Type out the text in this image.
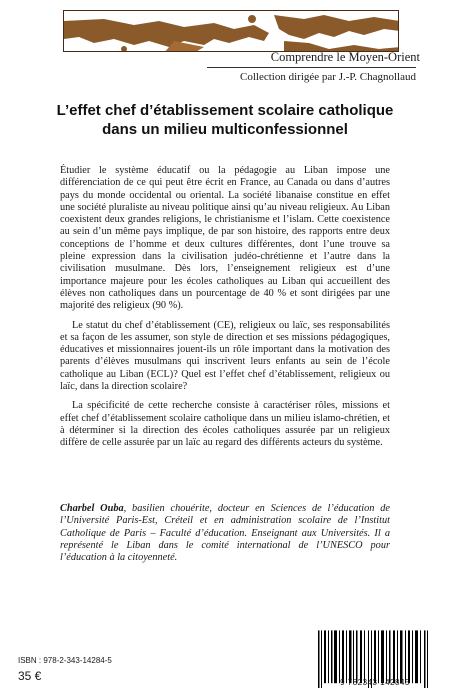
Comprendre le Moyen-Orient
Collection dirigée par J.-P. Chagnollaud
L’effet chef d’établissement scolaire catholique
dans un milieu multiconfessionnel

Étudier le système éducatif ou la pédagogie au Liban impose une différenciation de ce qui peut être écrit en France, au Canada ou dans d’autres pays du monde occidental ou oriental. La société libanaise constitue en effet une société pluraliste au niveau politique ainsi qu’au niveau religieux. Au Liban coexistent deux grandes religions, le christianisme et l’islam. Cette coexistence au sein d’un même pays implique, de par son histoire, des rapports entre deux conceptions de l’homme et deux cultures différentes, dont l’une trouve sa pleine expression dans la civilisation judéo-chrétienne et l’autre dans la civilisation musulmane. Dès lors, l’enseignement religieux est d’une importance majeure pour les écoles catholiques au Liban qui accueillent des élèves non catholiques dans un pourcentage de 40 % et sont dirigées par une majorité des religieux (90 %).

Le statut du chef d’établissement (CE), religieux ou laïc, ses responsabilités et sa façon de les assumer, son style de direction et ses missions pédagogiques, éducatives et missionnaires jouent-ils un rôle important dans la motivation des parents d’élèves musulmans qui inscrivent leurs enfants au sein de l’école catholique au Liban (ECL)? Quel est l’effet chef d’établissement, religieux ou laïc, dans la direction scolaire?

La spécificité de cette recherche consiste à caractériser rôles, missions et effet chef d’établissement scolaire catholique dans un milieu islamo-chrétien, et à déterminer si la direction des écoles catholiques assurée par un religieux diffère de celle assurée par un laïc au regard des différents acteurs du système.

Charbel Ouba, basilien chouérite, docteur en Sciences de l’éducation de l’Université Paris-Est, Créteil et en administration scolaire de l’Institut Catholique de Paris – Faculté d’éducation. Enseignant aux Universités. Il a représenté le Liban dans le comité international de l’UNESCO pour l’éducation à la citoyenneté.
ISBN : 978-2-343-14284-5
35 €	9 782343 142845
